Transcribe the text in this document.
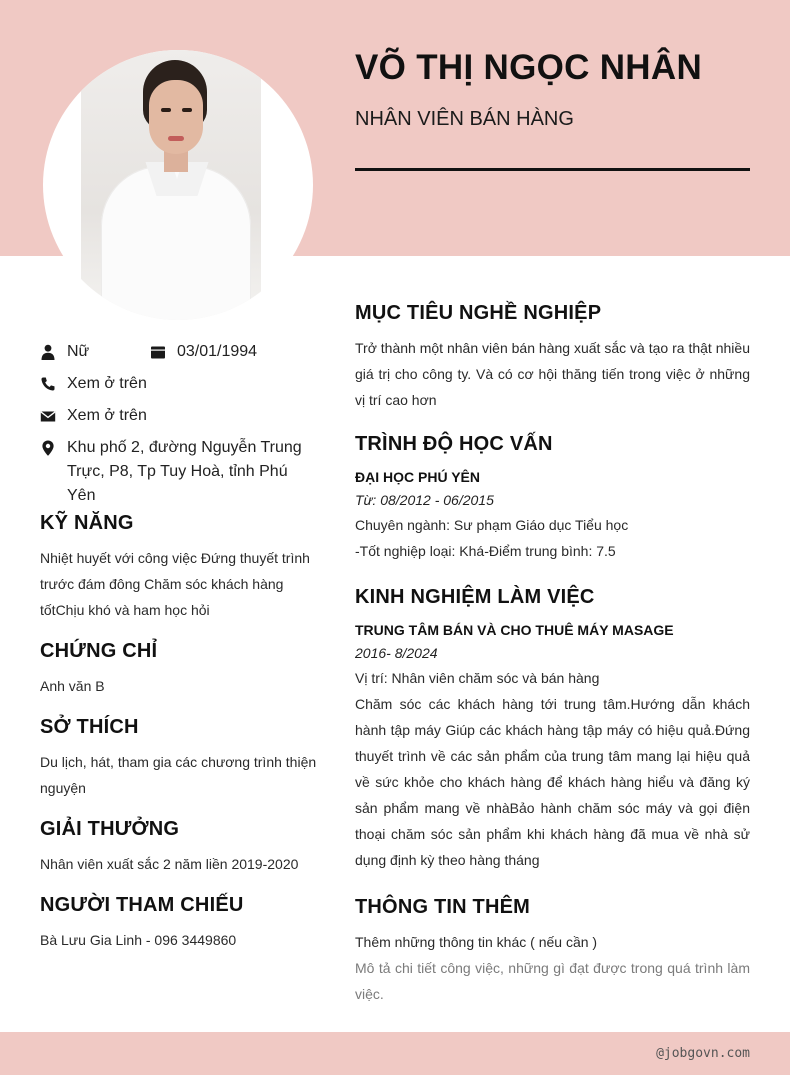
VÕ THỊ NGỌC NHÂN
NHÂN VIÊN BÁN HÀNG
Nữ	03/01/1994
Xem ở trên
Xem ở trên
Khu phố 2, đường Nguyễn Trung Trực, P8, Tp Tuy Hoà, tỉnh Phú Yên
KỸ NĂNG

Nhiệt huyết với công việc Đứng thuyết trình trước đám đông Chăm sóc khách hàng tốtChịu khó và ham học hỏi

CHỨNG CHỈ

Anh văn B

SỞ THÍCH

Du lịch, hát, tham gia các chương trình thiện nguyện

GIẢI THƯỞNG

Nhân viên xuất sắc 2 năm liền 2019-2020

NGƯỜI THAM CHIẾU

Bà Lưu Gia Linh - 096 3449860

MỤC TIÊU NGHỀ NGHIỆP

Trở thành một nhân viên bán hàng xuất sắc và tạo ra thật nhiều giá trị cho công ty. Và có cơ hội thăng tiến trong việc ở những vị trí cao hơn

TRÌNH ĐỘ HỌC VẤN

ĐẠI HỌC PHÚ YÊN

Từ: 08/2012 - 06/2015

Chuyên ngành: Sư phạm Giáo dục Tiểu học

-Tốt nghiệp loại: Khá-Điểm trung bình: 7.5

KINH NGHIỆM LÀM VIỆC

TRUNG TÂM BÁN VÀ CHO THUÊ MÁY MASAGE

2016- 8/2024

Vị trí: Nhân viên chăm sóc và bán hàng

Chăm sóc các khách hàng tới trung tâm.Hướng dẫn khách hành tập máy Giúp các khách hàng tập máy có hiệu quả.Đứng thuyết trình về các sản phẩm của trung tâm mang lại hiệu quả về sức khỏe cho khách hàng để khách hàng hiểu và đăng ký sản phẩm mang về nhàBảo hành chăm sóc máy và gọi điện thoại chăm sóc sản phẩm khi khách hàng đã mua về nhà sử dụng định kỳ theo hàng tháng

THÔNG TIN THÊM

Thêm những thông tin khác ( nếu cần )

Mô tả chi tiết công việc, những gì đạt được trong quá trình làm việc.

@jobgovn.com
